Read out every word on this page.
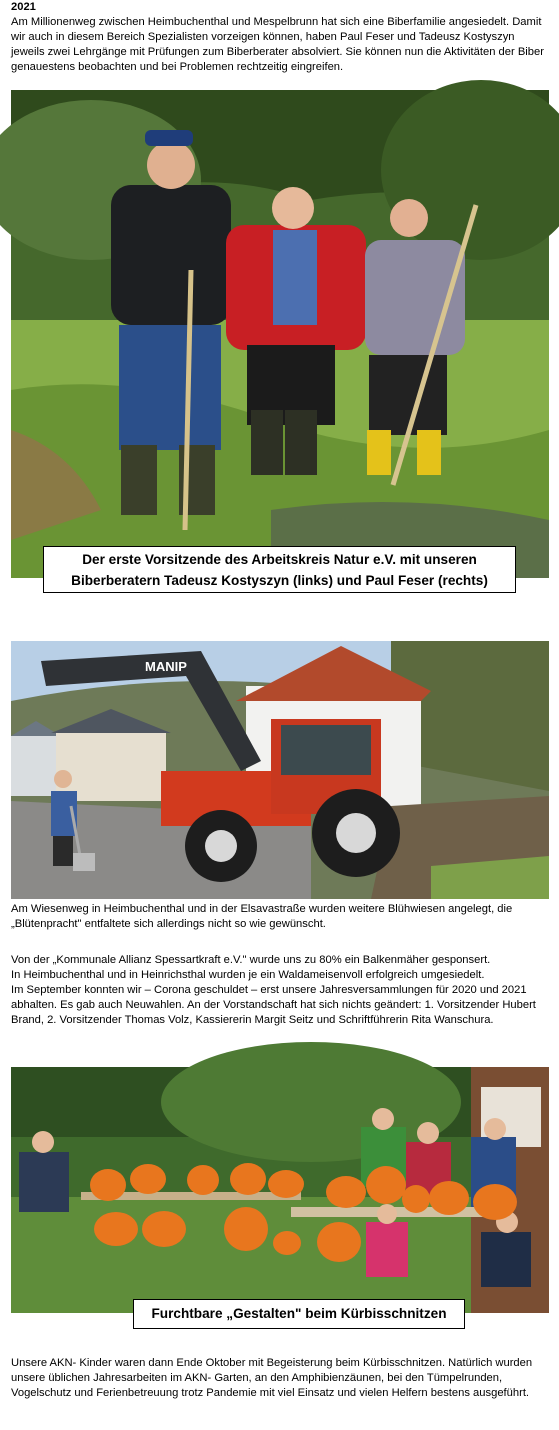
2021

Am Millionenweg zwischen Heimbuchenthal und Mespelbrunn hat sich eine Biberfamilie angesiedelt. Damit wir auch in diesem Bereich Spezialisten vorzeigen können, haben Paul Feser und Tadeusz Kostyszyn jeweils zwei Lehrgänge mit Prüfungen zum Biberberater absolviert. Sie können nun die Aktivitäten der Biber genauestens beobachten und bei Problemen rechtzeitig eingreifen.

Der erste Vorsitzende des Arbeitskreis Natur e.V. mit unseren
Biberberatern Tadeusz Kostyszyn (links) und Paul Feser (rechts)
MANIP

Am Wiesenweg in Heimbuchenthal und in der Elsavastraße wurden weitere Blühwiesen angelegt, die „Blütenpracht" entfaltete sich allerdings nicht so wie gewünscht.

Von der „Kommunale Allianz Spessartkraft e.V." wurde uns zu 80% ein Balkenmäher gesponsert.
In Heimbuchenthal und in Heinrichsthal wurden je ein Waldameisenvoll erfolgreich umgesiedelt.
Im September konnten wir – Corona geschuldet – erst unsere Jahresversammlungen für 2020 und 2021 abhalten. Es gab auch Neuwahlen. An der Vorstandschaft hat sich nichts geändert: 1. Vorsitzender Hubert Brand, 2. Vorsitzender Thomas Volz, Kassiererin Margit Seitz und Schriftführerin Rita Wanschura.
Furchtbare „Gestalten" beim Kürbisschnitzen

Unsere AKN- Kinder waren dann Ende Oktober mit Begeisterung beim Kürbisschnitzen. Natürlich wurden unsere üblichen Jahresarbeiten im AKN- Garten, an den Amphibienzäunen, bei den Tümpelrunden, Vogelschutz und Ferienbetreuung trotz Pandemie mit viel Einsatz und vielen Helfern bestens ausgeführt.
